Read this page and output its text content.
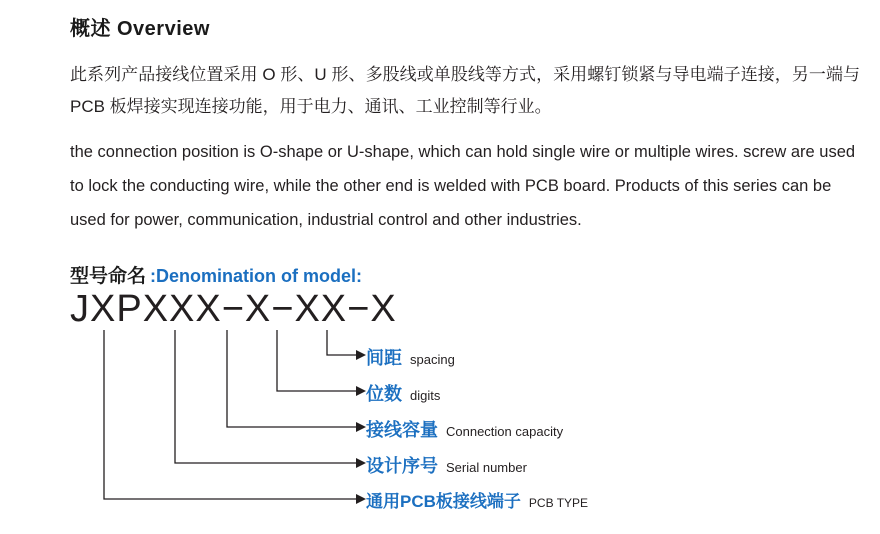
概述 Overview

此系列产品接线位置采用 O 形、U 形、多股线或单股线等方式，采用螺钉锁紧与导电端子连接，另一端与 PCB 板焊接实现连接功能，用于电力、通讯、工业控制等行业。

the connection position is O-shape or U-shape, which can hold single wire or multiple wires. screw are used to lock the conducting wire, while the other end is welded with PCB board. Products of this series can be used for power, communication, industrial control and other industries.

型号命名 :Denomination of model:
JXPXXX−X−XX−X
间距 spacing
位数 digits
接线容量 Connection capacity
设计序号 Serial number
通用PCB板接线端子 PCB TYPE
